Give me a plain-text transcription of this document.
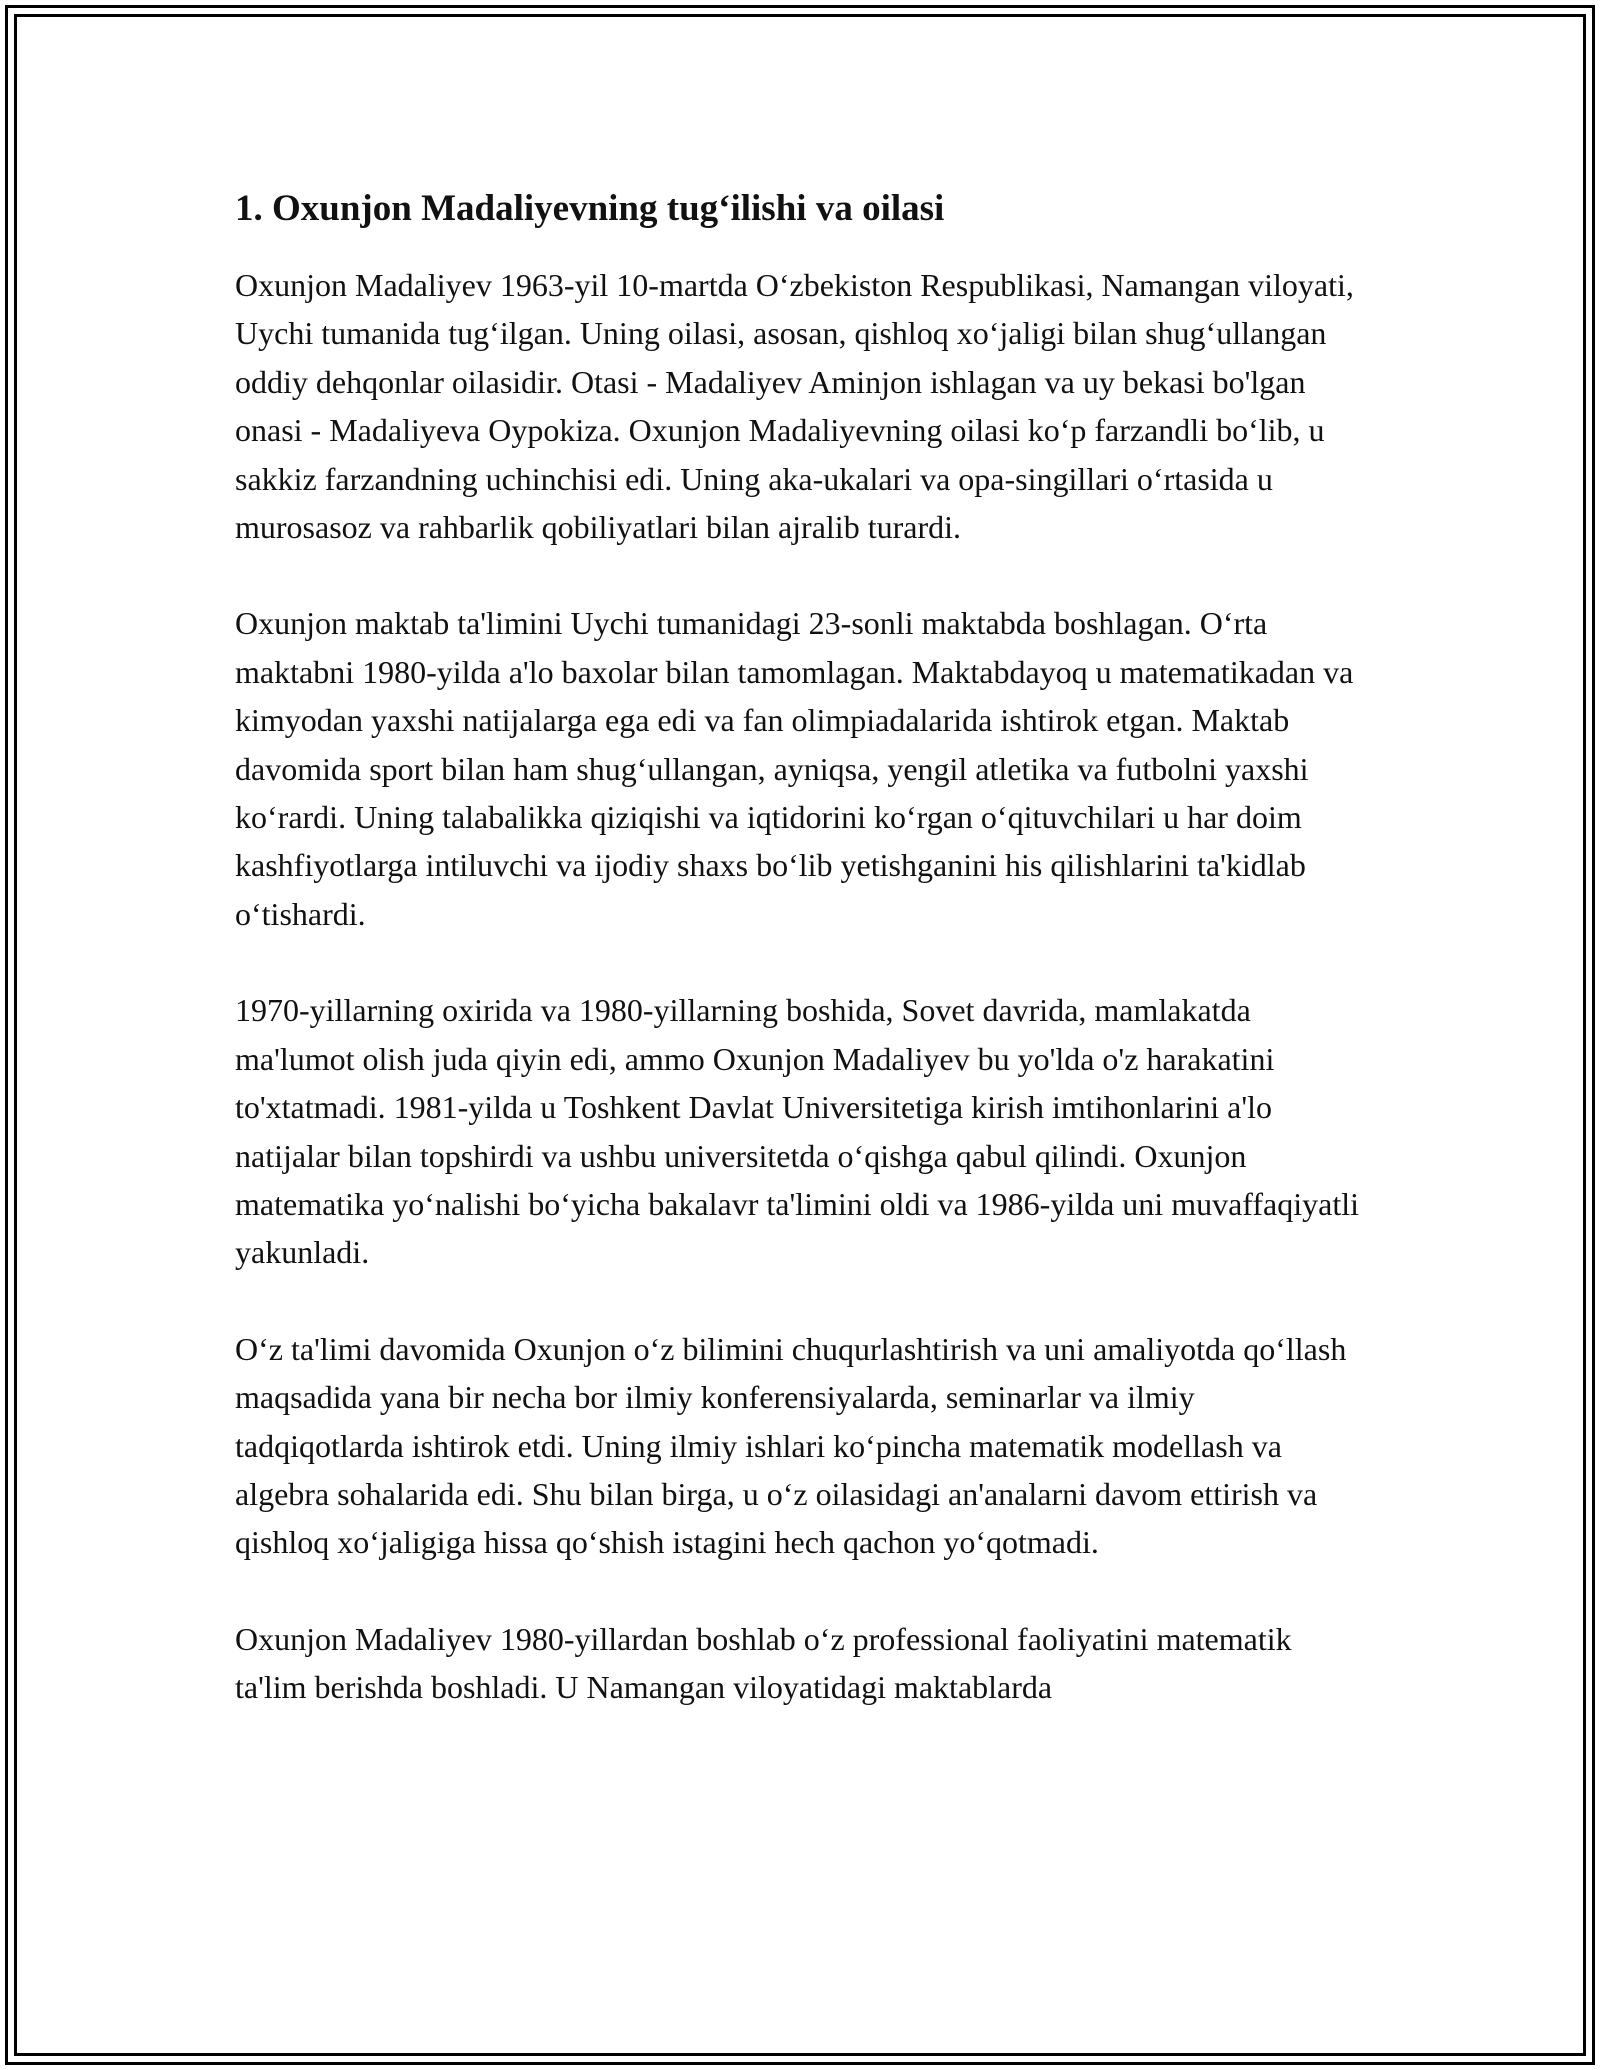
1. Oxunjon Madaliyevning tug‘ilishi va oilasi

Oxunjon Madaliyev 1963-yil 10-martda O‘zbekiston Respublikasi, Namangan viloyati, Uychi tumanida tug‘ilgan. Uning oilasi, asosan, qishloq xo‘jaligi bilan shug‘ullangan oddiy dehqonlar oilasidir. Otasi - Madaliyev Aminjon ishlagan va uy bekasi bo'lgan onasi - Madaliyeva Oypokiza. Oxunjon Madaliyevning oilasi ko‘p farzandli bo‘lib, u sakkiz farzandning uchinchisi edi. Uning aka-ukalari va opa-singillari o‘rtasida u murosasoz va rahbarlik qobiliyatlari bilan ajralib turardi.

Oxunjon maktab ta'limini Uychi tumanidagi 23-sonli maktabda boshlagan. O‘rta maktabni 1980-yilda a'lo baxolar bilan tamomlagan. Maktabdayoq u matematikadan va kimyodan yaxshi natijalarga ega edi va fan olimpiadalarida ishtirok etgan. Maktab davomida sport bilan ham shug‘ullangan, ayniqsa, yengil atletika va futbolni yaxshi ko‘rardi. Uning talabalikka qiziqishi va iqtidorini ko‘rgan o‘qituvchilari u har doim kashfiyotlarga intiluvchi va ijodiy shaxs bo‘lib yetishganini his qilishlarini ta'kidlab o‘tishardi.

1970-yillarning oxirida va 1980-yillarning boshida, Sovet davrida, mamlakatda ma'lumot olish juda qiyin edi, ammo Oxunjon Madaliyev bu yo'lda o'z harakatini to'xtatmadi. 1981-yilda u Toshkent Davlat Universitetiga kirish imtihonlarini a'lo natijalar bilan topshirdi va ushbu universitetda o‘qishga qabul qilindi. Oxunjon matematika yo‘nalishi bo‘yicha bakalavr ta'limini oldi va 1986-yilda uni muvaffaqiyatli yakunladi.

O‘z ta'limi davomida Oxunjon o‘z bilimini chuqurlashtirish va uni amaliyotda qo‘llash maqsadida yana bir necha bor ilmiy konferensiyalarda, seminarlar va ilmiy tadqiqotlarda ishtirok etdi. Uning ilmiy ishlari ko‘pincha matematik modellash va algebra sohalarida edi. Shu bilan birga, u o‘z oilasidagi an'analarni davom ettirish va qishloq xo‘jaligiga hissa qo‘shish istagini hech qachon yo‘qotmadi.

Oxunjon Madaliyev 1980-yillardan boshlab o‘z professional faoliyatini matematik ta'lim berishda boshladi. U Namangan viloyatidagi maktablarda
